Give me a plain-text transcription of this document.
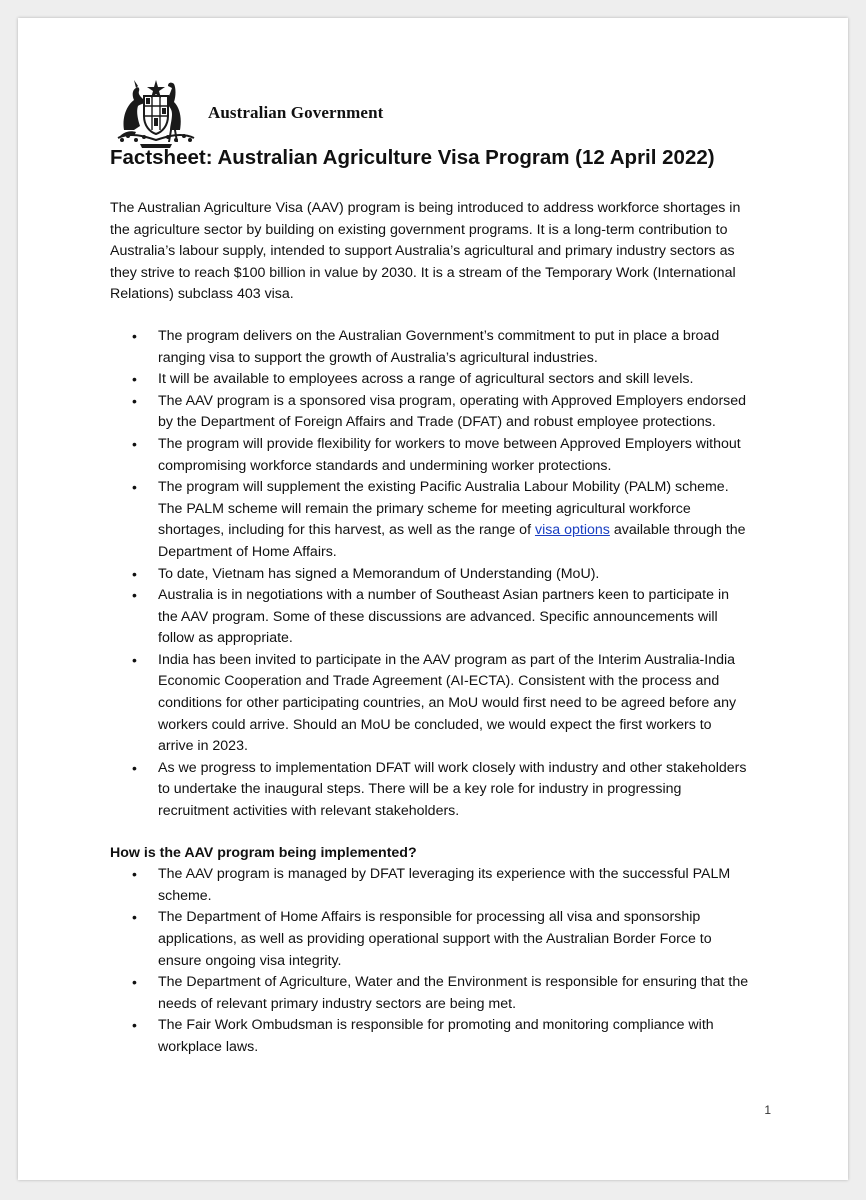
Australian Government
Factsheet: Australian Agriculture Visa Program (12 April 2022)

The Australian Agriculture Visa (AAV) program is being introduced to address workforce shortages in the agriculture sector by building on existing government programs. It is a long-term contribution to Australia’s labour supply, intended to support Australia’s agricultural and primary industry sectors as they strive to reach $100 billion in value by 2030. It is a stream of the Temporary Work (International Relations) subclass 403 visa.

• The program delivers on the Australian Government’s commitment to put in place a broad ranging visa to support the growth of Australia’s agricultural industries.
• It will be available to employees across a range of agricultural sectors and skill levels.
• The AAV program is a sponsored visa program, operating with Approved Employers endorsed by the Department of Foreign Affairs and Trade (DFAT) and robust employee protections.
• The program will provide flexibility for workers to move between Approved Employers without compromising workforce standards and undermining worker protections.
• The program will supplement the existing Pacific Australia Labour Mobility (PALM) scheme. The PALM scheme will remain the primary scheme for meeting agricultural workforce shortages, including for this harvest, as well as the range of visa options available through the Department of Home Affairs.
• To date, Vietnam has signed a Memorandum of Understanding (MoU).
• Australia is in negotiations with a number of Southeast Asian partners keen to participate in the AAV program. Some of these discussions are advanced. Specific announcements will follow as appropriate.
• India has been invited to participate in the AAV program as part of the Interim Australia-India Economic Cooperation and Trade Agreement (AI-ECTA). Consistent with the process and conditions for other participating countries, an MoU would first need to be agreed before any workers could arrive. Should an MoU be concluded, we would expect the first workers to arrive in 2023.
• As we progress to implementation DFAT will work closely with industry and other stakeholders to undertake the inaugural steps. There will be a key role for industry in progressing recruitment activities with relevant stakeholders.

How is the AAV program being implemented?

• The AAV program is managed by DFAT leveraging its experience with the successful PALM scheme.
• The Department of Home Affairs is responsible for processing all visa and sponsorship applications, as well as providing operational support with the Australian Border Force to ensure ongoing visa integrity.
• The Department of Agriculture, Water and the Environment is responsible for ensuring that the needs of relevant primary industry sectors are being met.
• The Fair Work Ombudsman is responsible for promoting and monitoring compliance with workplace laws.
1
